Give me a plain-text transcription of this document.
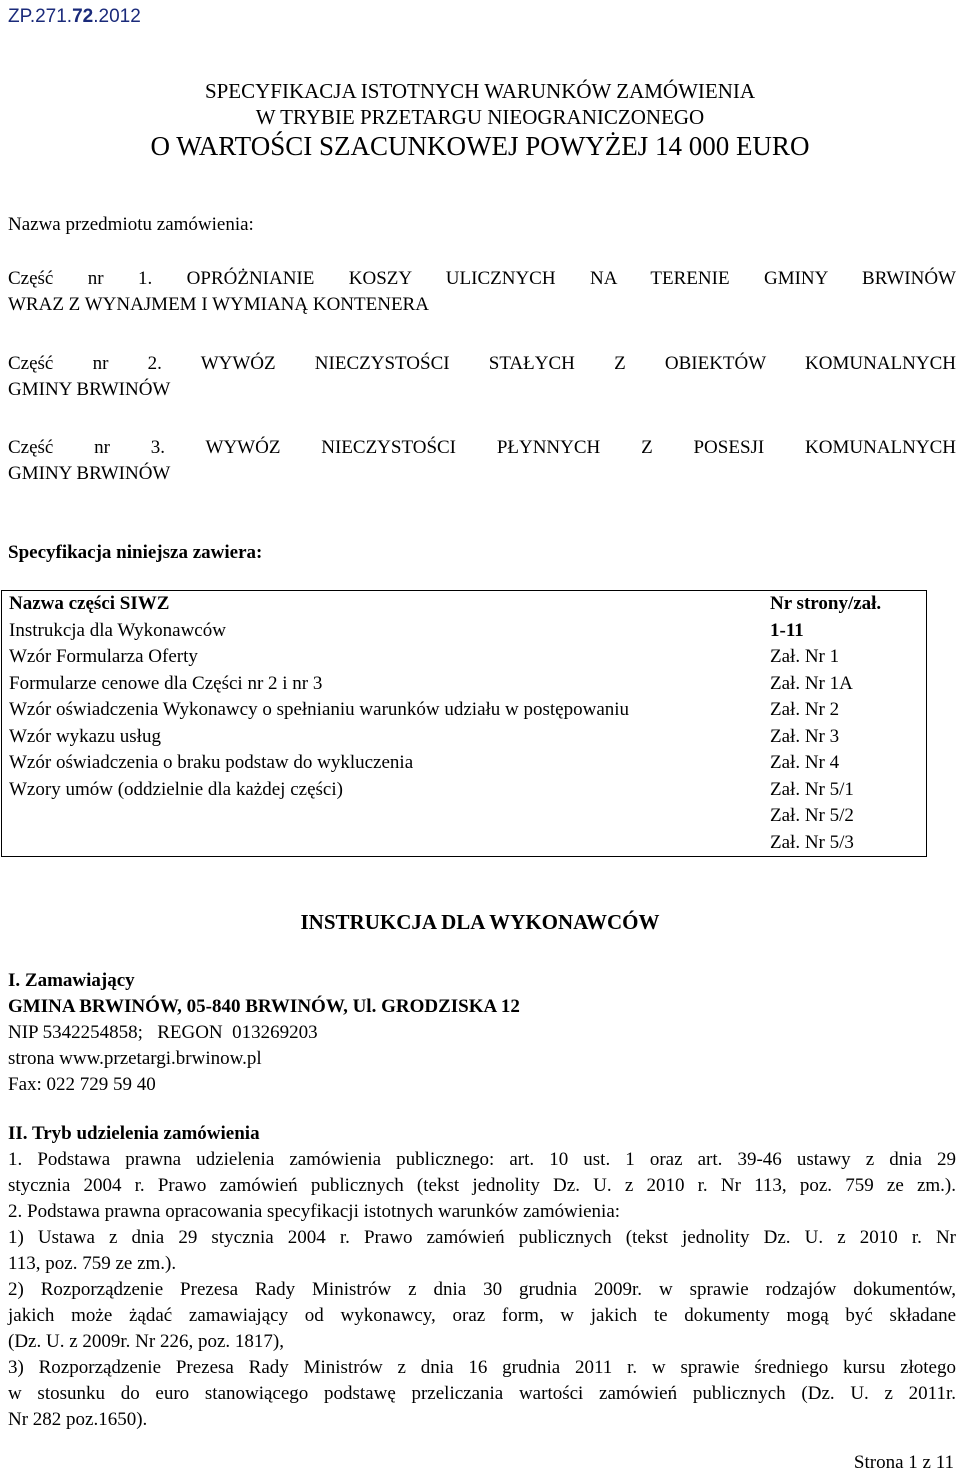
ZP.271.72.2012
SPECYFIKACJA ISTOTNYCH WARUNKÓW ZAMÓWIENIA
W TRYBIE PRZETARGU NIEOGRANICZONEGO
O WARTOŚCI SZACUNKOWEJ POWYŻEJ 14 000 EURO
Nazwa przedmiotu zamówienia:
Część nr 1. OPRÓŻNIANIE KOSZY ULICZNYCH NA TERENIE GMINY BRWINÓW
WRAZ Z WYNAJMEM I WYMIANĄ KONTENERA
Część nr 2. WYWÓZ NIECZYSTOŚCI STAŁYCH Z OBIEKTÓW KOMUNALNYCH
GMINY BRWINÓW
Część nr 3. WYWÓZ NIECZYSTOŚCI PŁYNNYCH Z POSESJI KOMUNALNYCH
GMINY BRWINÓW
Specyfikacja niniejsza zawiera:
Nazwa części SIWZ	Nr strony/zał.
Instrukcja dla Wykonawców	1-11
Wzór Formularza Oferty	Zał. Nr 1
Formularze cenowe dla Części nr 2 i nr 3	Zał. Nr 1A
Wzór oświadczenia Wykonawcy o spełnianiu warunków udziału w postępowaniu	Zał. Nr 2
Wzór wykazu usług	Zał. Nr 3
Wzór oświadczenia o braku podstaw do wykluczenia	Zał. Nr 4
Wzory umów (oddzielnie dla każdej części)	Zał. Nr 5/1
	Zał. Nr 5/2
	Zał. Nr 5/3
INSTRUKCJA DLA WYKONAWCÓW
I. Zamawiający
GMINA BRWINÓW, 05-840 BRWINÓW, Ul. GRODZISKA 12
NIP 5342254858;   REGON  013269203
strona www.przetargi.brwinow.pl
Fax: 022 729 59 40
II. Tryb udzielenia zamówienia
1. Podstawa prawna udzielenia zamówienia publicznego: art. 10 ust. 1 oraz art. 39-46 ustawy z dnia 29
stycznia 2004 r. Prawo zamówień publicznych (tekst jednolity Dz. U. z 2010 r. Nr 113, poz. 759 ze zm.).
2. Podstawa prawna opracowania specyfikacji istotnych warunków zamówienia:
1) Ustawa z dnia 29 stycznia 2004 r. Prawo zamówień publicznych (tekst jednolity Dz. U. z 2010 r. Nr
113, poz. 759 ze zm.).
2) Rozporządzenie Prezesa Rady Ministrów z dnia 30 grudnia 2009r. w sprawie rodzajów dokumentów,
jakich może żądać zamawiający od wykonawcy, oraz form, w jakich te dokumenty mogą być składane
(Dz. U. z 2009r. Nr 226, poz. 1817),
3) Rozporządzenie Prezesa Rady Ministrów z dnia 16 grudnia 2011 r. w sprawie średniego kursu złotego
w stosunku do euro stanowiącego podstawę przeliczania wartości zamówień publicznych (Dz. U. z 2011r.
Nr 282 poz.1650).
Strona 1 z 11
